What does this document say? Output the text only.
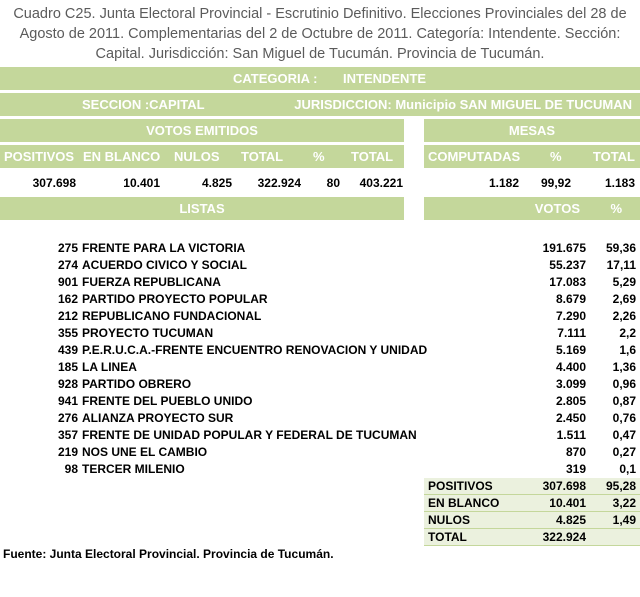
Cuadro C25. Junta Electoral Provincial - Escrutinio Definitivo. Elecciones Provinciales del 28 de
Agosto de 2011. Complementarias del 2 de Octubre de 2011. Categoría: Intendente. Sección:
Capital. Jurisdicción: San Miguel de Tucumán. Provincia de Tucumán.
CATEGORIA : INTENDENTE
SECCION :CAPITAL	JURISDICCION: Municipio SAN MIGUEL DE TUCUMAN
VOTOS EMITIDOS	MESAS
POSITIVOS EN BLANCO NULOS TOTAL % TOTAL	COMPUTADAS % TOTAL
307.698	10.401	4.825	322.924	80	403.221	1.182	99,92	1.183
LISTAS	VOTOS %
275 FRENTE PARA LA VICTORIA	191.675 59,36
274 ACUERDO CIVICO Y SOCIAL	55.237 17,11
901 FUERZA REPUBLICANA	17.083 5,29
162 PARTIDO PROYECTO POPULAR	8.679 2,69
212 REPUBLICANO FUNDACIONAL	7.290 2,26
355 PROYECTO TUCUMAN	7.111	2,2
439 P.E.R.U.C.A.-FRENTE ENCUENTRO RENOVACION Y UNIDAD	5.169	1,6
185 LA LINEA	4.400 1,36
928 PARTIDO OBRERO	3.099 0,96
941 FRENTE DEL PUEBLO UNIDO	2.805 0,87
276 ALIANZA PROYECTO SUR	2.450 0,76
357 FRENTE DE UNIDAD POPULAR Y FEDERAL DE TUCUMAN	1.511 0,47
219 NOS UNE EL CAMBIO	870 0,27
98 TERCER MILENIO	319	0,1
POSITIVOS	307.698 95,28
EN BLANCO	10.401 3,22
NULOS	4.825 1,49
TOTAL	322.924
Fuente: Junta Electoral Provincial. Provincia de Tucumán.
